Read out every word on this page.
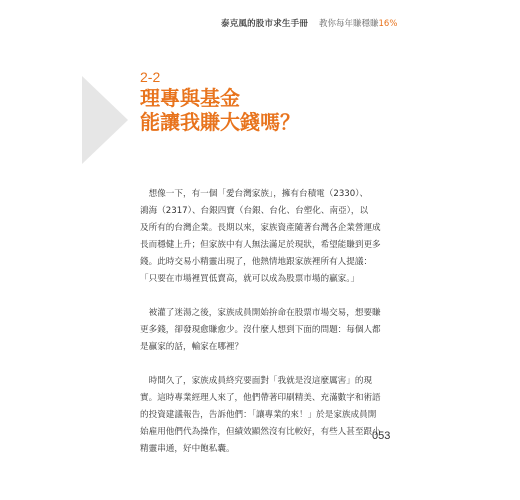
泰克風的股市求生手冊 教你每年賺穩賺16%
2-2
理專與基金
能讓我賺大錢嗎？
　想像一下，有一個「愛台灣家族」，擁有台積電（2330）、
鴻海（2317）、台銀四寶（台銀、台化、台塑化、南亞），以
及所有的台灣企業。長期以來，家族資產隨著台灣各企業營運成
長而穩健上升；但家族中有人無法滿足於現狀，希望能賺到更多
錢。此時交易小精靈出現了，他熱情地跟家族裡所有人提議：
「只要在市場裡買低賣高，就可以成為股票市場的贏家。」
　被灌了迷湯之後，家族成員開始拚命在股票市場交易，想要賺
更多錢，卻發現愈賺愈少。沒什麼人想到下面的問題：每個人都
是贏家的話，輸家在哪裡？
　時間久了，家族成員終究要面對「我就是沒這麼厲害」的現
實。這時專業經理人來了，他們帶著印刷精美、充滿數字和術語
的投資建議報告，告訴他們：「讓專業的來！」於是家族成員開
始雇用他們代為操作，但績效顯然沒有比較好，有些人甚至跟小
精靈串通，好中飽私囊。
053
